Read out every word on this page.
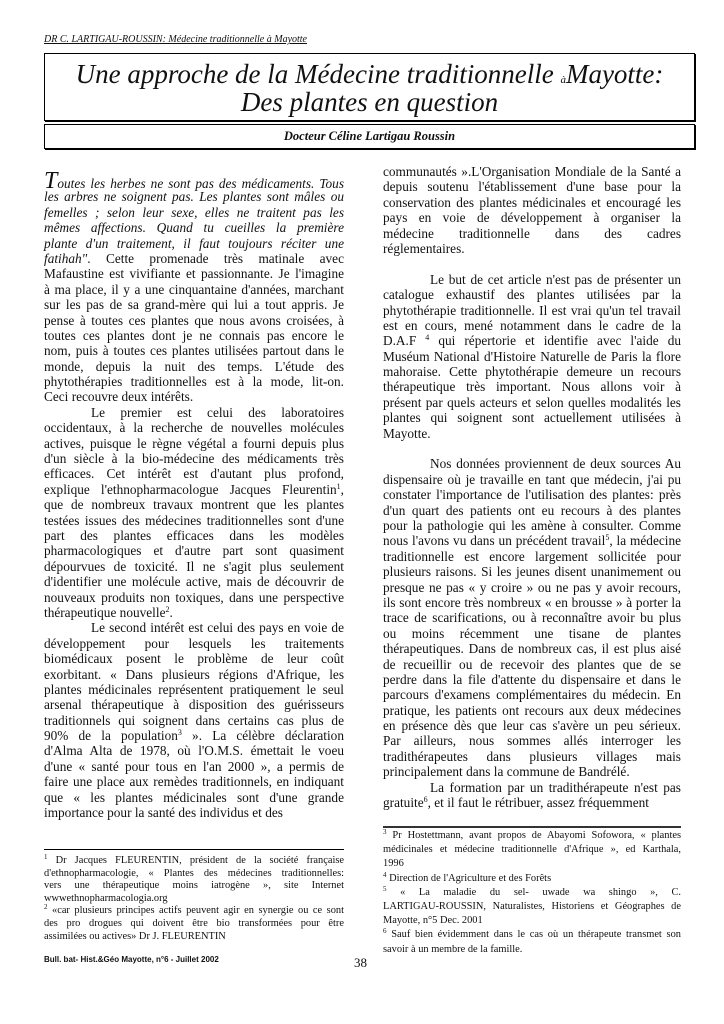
DR C. LARTIGAU-ROUSSIN: Médecine traditionnelle à Mayotte
Une approche de la Médecine traditionnelle àMayotte:
Des plantes en question
Docteur Céline Lartigau Roussin
Toutes les herbes ne sont pas des médicaments. Tous
les arbres ne soignent pas. Les plantes sont mâles ou
femelles ; selon leur sexe, elles ne traitent pas les
mêmes affections. Quand tu cueilles la première
plante d'un traitement, il faut toujours réciter une
fatihah". Cette promenade très matinale avec
Mafaustine est vivifiante et passionnante. Je l'imagine
à ma place, il y a une cinquantaine d'années, marchant
sur les pas de sa grand-mère qui lui a tout appris. Je
pense à toutes ces plantes que nous avons croisées, à
toutes ces plantes dont je ne connais pas encore le
nom, puis à toutes ces plantes utilisées partout dans le
monde, depuis la nuit des temps. L'étude des
phytothérapies traditionnelles est à la mode, lit-on.
Ceci recouvre deux intérêts.
Le premier est celui des laboratoires
occidentaux, à la recherche de nouvelles molécules
actives, puisque le règne végétal a fourni depuis plus
d'un siècle à la bio-médecine des médicaments très
efficaces. Cet intérêt est d'autant plus profond,
explique l'ethnopharmacologue Jacques Fleurentin$^1$,
que de nombreux travaux montrent que les plantes
testées issues des médecines traditionnelles sont d'une
part des plantes efficaces dans les modèles
pharmacologiques et d'autre part sont quasiment
dépourvues de toxicité. Il ne s'agit plus seulement
d'identifier une molécule active, mais de découvrir de
nouveaux produits non toxiques, dans une perspective
thérapeutique nouvelle$^2$.
Le second intérêt est celui des pays en voie de
développement pour lesquels les traitements
biomédicaux posent le problème de leur coût
exorbitant. « Dans plusieurs régions d'Afrique, les
plantes médicinales représentent pratiquement le seul
arsenal thérapeutique à disposition des guérisseurs
traditionnels qui soignent dans certains cas plus de
90% de la population$^3$ ». La célèbre déclaration
d'Alma Alta de 1978, où l'O.M.S. émettait le voeu
d'une « santé pour tous en l'an 2000 », a permis de
faire une place aux remèdes traditionnels, en indiquant
que « les plantes médicinales sont d'une grande
importance pour la santé des individus et des
communautés ».L'Organisation Mondiale de la Santé a
depuis soutenu l'établissement d'une base pour la
conservation des plantes médicinales et encouragé les
pays en voie de développement à organiser la
médecine traditionnelle dans des cadres
réglementaires.
Le but de cet article n'est pas de présenter un
catalogue exhaustif des plantes utilisées par la
phytothérapie traditionnelle. Il est vrai qu'un tel travail
est en cours, mené notamment dans le cadre de la
D.A.F $^4$ qui répertorie et identifie avec l'aide du
Muséum National d'Histoire Naturelle de Paris la flore
mahoraise. Cette phytothérapie demeure un recours
thérapeutique très important. Nous allons voir à
présent par quels acteurs et selon quelles modalités les
plantes qui soignent sont actuellement utilisées à
Mayotte.
Nos données proviennent de deux sources Au
dispensaire où je travaille en tant que médecin, j'ai pu
constater l'importance de l'utilisation des plantes: près
d'un quart des patients ont eu recours à des plantes
pour la pathologie qui les amène à consulter. Comme
nous l'avons vu dans un précédent travail$^5$, la médecine
traditionnelle est encore largement sollicitée pour
plusieurs raisons. Si les jeunes disent unanimement ou
presque ne pas « y croire » ou ne pas y avoir recours,
ils sont encore très nombreux « en brousse » à porter la
trace de scarifications, ou à reconnaître avoir bu plus
ou moins récemment une tisane de plantes
thérapeutiques. Dans de nombreux cas, il est plus aisé
de recueillir ou de recevoir des plantes que de se
perdre dans la file d'attente du dispensaire et dans le
parcours d'examens complémentaires du médecin. En
pratique, les patients ont recours aux deux médecines
en présence dès que leur cas s'avère un peu sérieux.
Par ailleurs, nous sommes allés interroger les
tradithérapeutes dans plusieurs villages mais
principalement dans la commune de Bandrélé.
La formation par un tradithérapeute n'est pas
gratuite$^6$, et il faut le rétribuer, assez fréquemment
$^1$ Dr Jacques FLEURENTIN, président de la société française
d'ethnopharmacologie, « Plantes des médecines traditionnelles:
vers une thérapeutique moins iatrogène », site Internet
wwwethnopharmacologia.org
$^2$ «car plusieurs principes actifs peuvent agir en synergie ou ce sont
des pro drogues qui doivent être bio transformées pour être
assimilées ou actives» Dr J. FLEURENTIN
$^3$ Pr Hostettmann, avant propos de Abayomi Sofowora, « plantes
médicinales et médecine traditionnelle d'Afrique », ed Karthala,
1996
$^4$ Direction de l'Agriculture et des Forêts
$^5$ « La maladie du sel- uwade wa shingo », C.
LARTIGAU-ROUSSIN, Naturalistes, Historiens et Géographes de
Mayotte, n°5 Dec. 2001
$^6$ Sauf bien évidemment dans le cas où un thérapeute transmet son
savoir à un membre de la famille.
Bull. bat- Hist.&Géo Mayotte, n°6 - Juillet 2002	38
